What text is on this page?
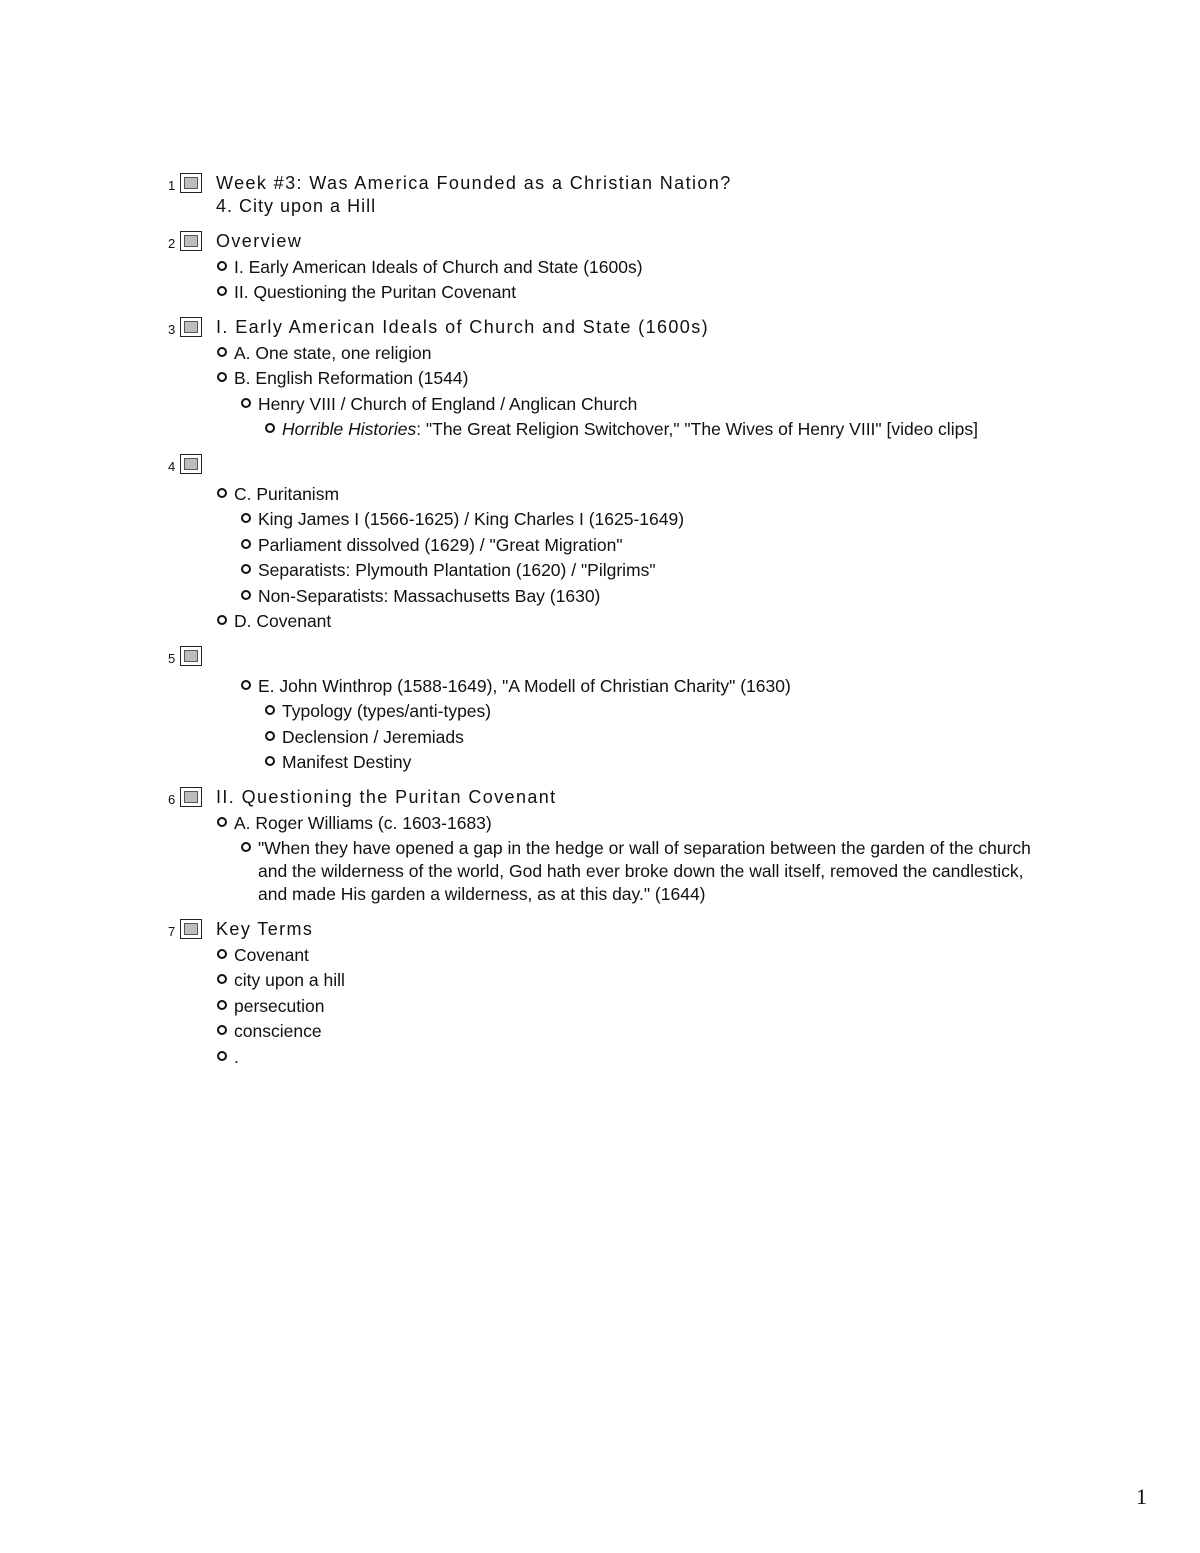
1 Week #3: Was America Founded as a Christian Nation?
4. City upon a Hill
2 Overview
I. Early American Ideals of Church and State (1600s)
II. Questioning the Puritan Covenant
3 I. Early American Ideals of Church and State (1600s)
A. One state, one religion
B. English Reformation (1544)
Henry VIII / Church of England / Anglican Church
Horrible Histories: "The Great Religion Switchover," "The Wives of Henry VIII" [video clips]
4
C. Puritanism
King James I (1566-1625) / King Charles I (1625-1649)
Parliament dissolved (1629) / "Great Migration"
Separatists: Plymouth Plantation (1620) / "Pilgrims"
Non-Separatists: Massachusetts Bay (1630)
D. Covenant
5
E. John Winthrop (1588-1649), "A Modell of Christian Charity" (1630)
Typology (types/anti-types)
Declension / Jeremiads
Manifest Destiny
6 II. Questioning the Puritan Covenant
A. Roger Williams (c. 1603-1683)
"When they have opened a gap in the hedge or wall of separation between the garden of the church and the wilderness of the world, God hath ever broke down the wall itself, removed the candlestick, and made His garden a wilderness, as at this day." (1644)
7 Key Terms
Covenant
city upon a hill
persecution
conscience
.
1
